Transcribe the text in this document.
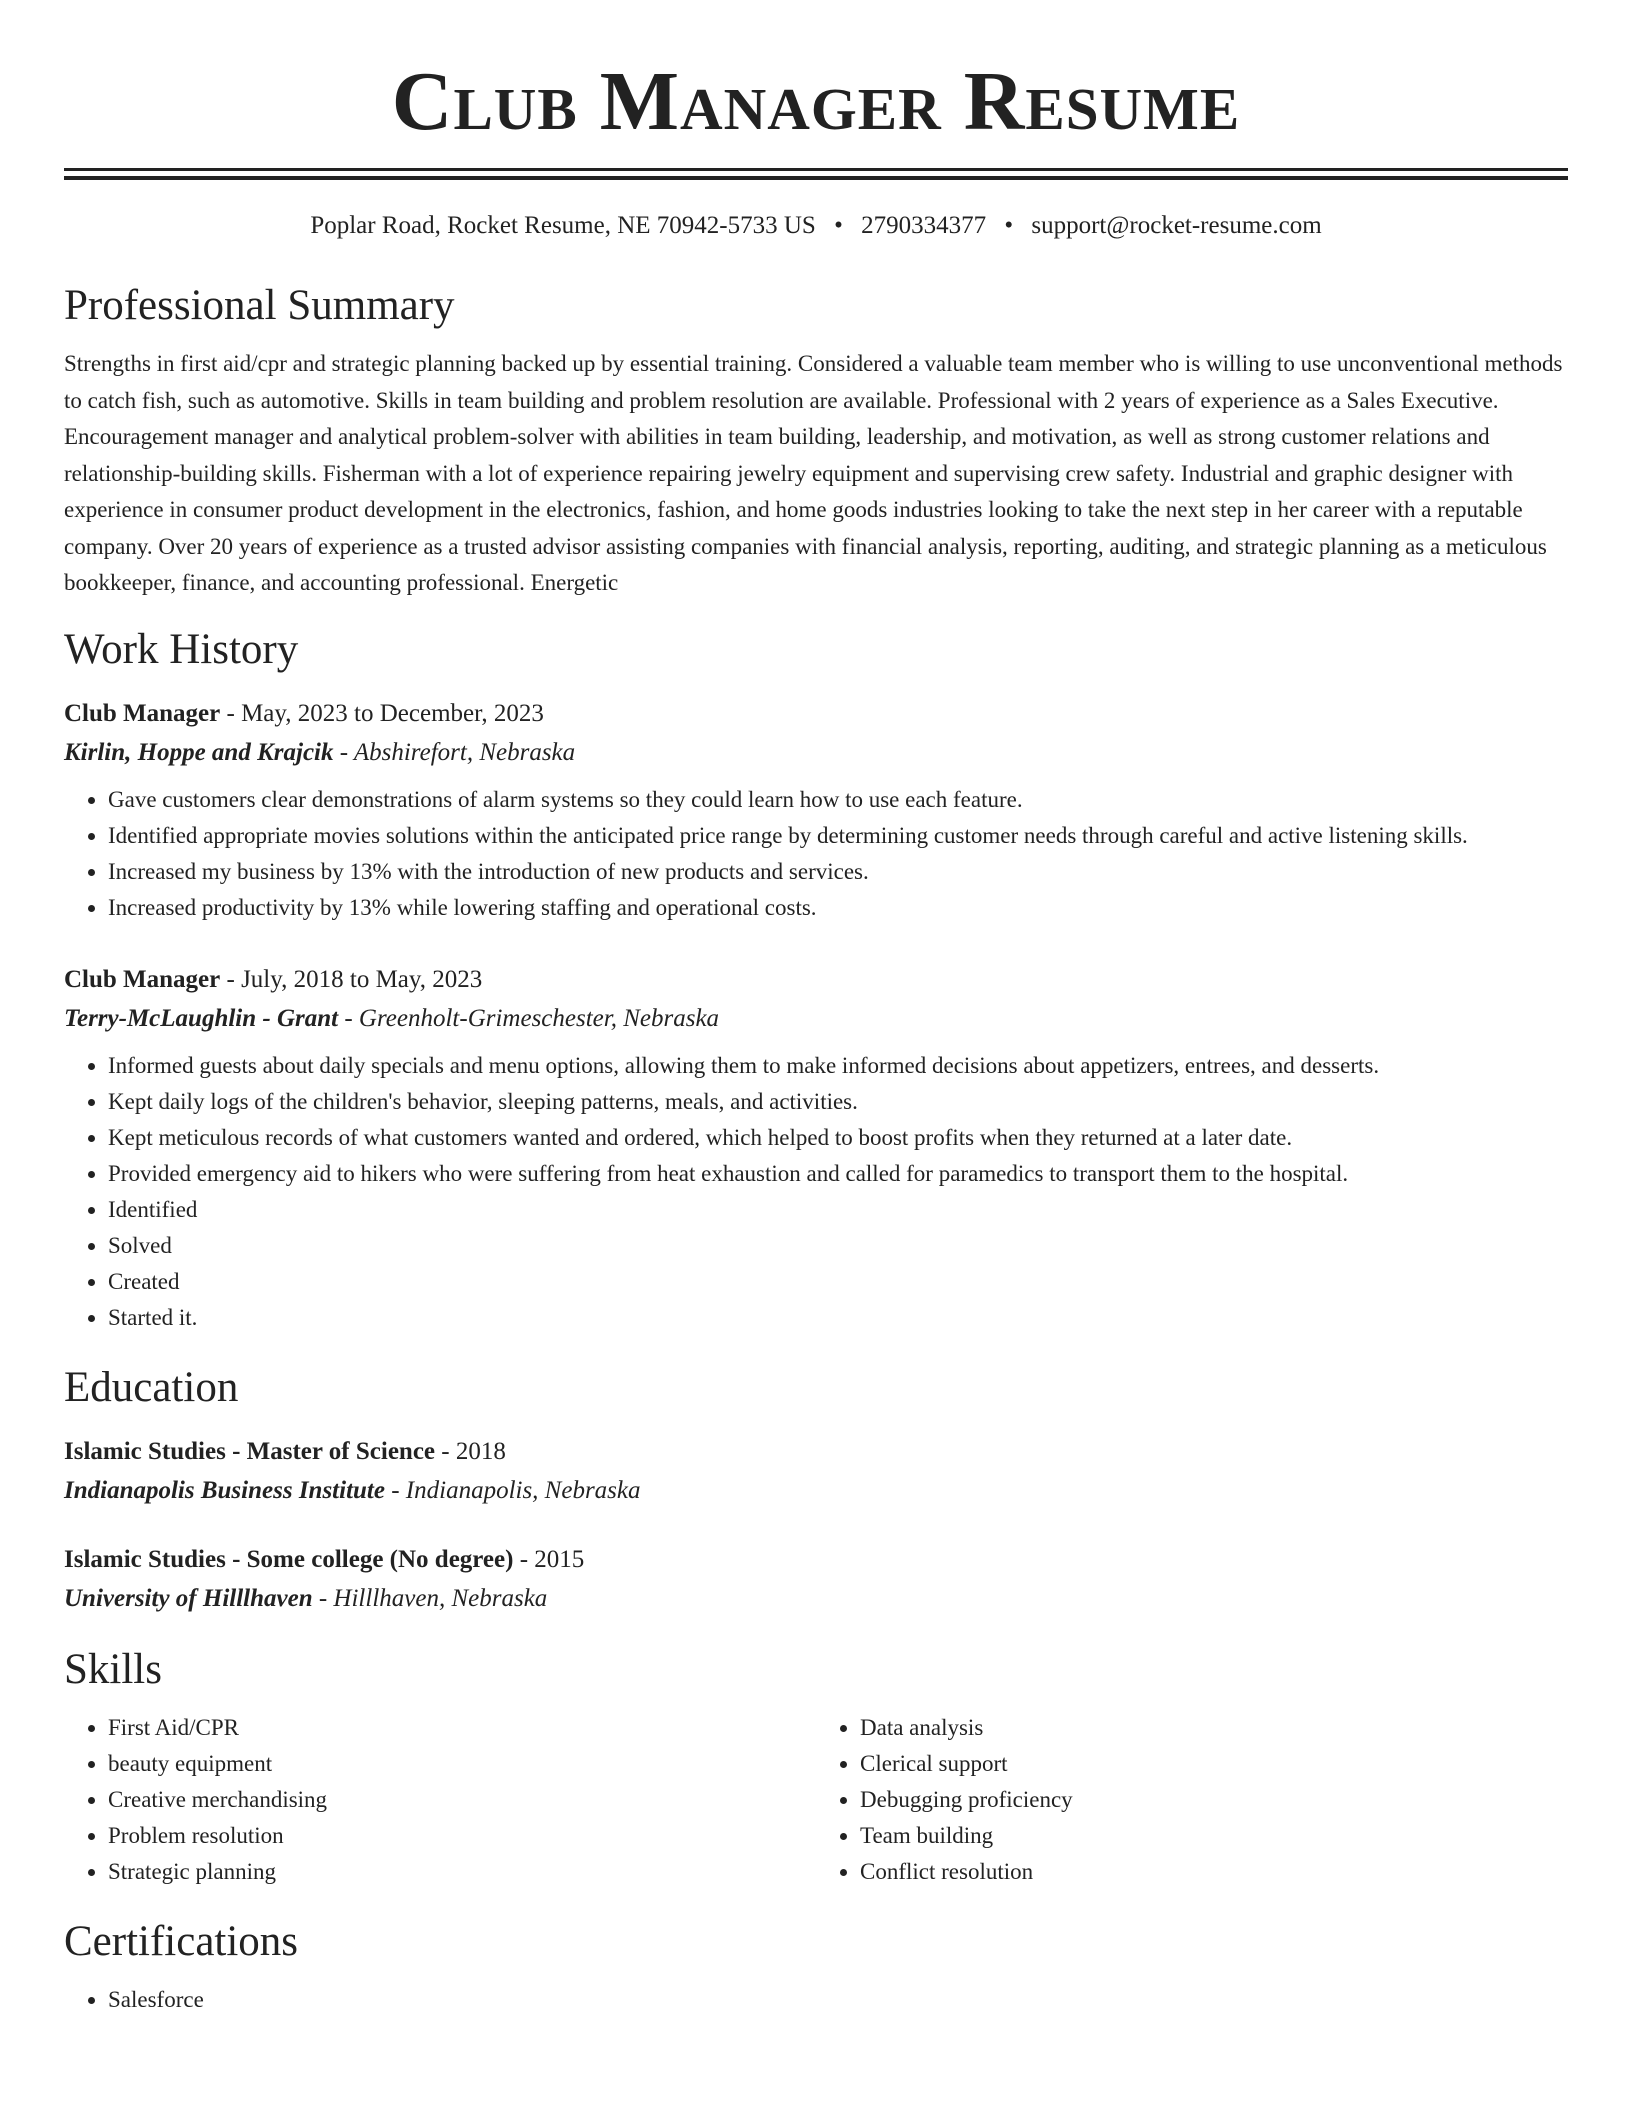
Club Manager Resume
Poplar Road, Rocket Resume, NE 70942-5733 US • 2790334377 • support@rocket-resume.com
Professional Summary

Strengths in first aid/cpr and strategic planning backed up by essential training. Considered a valuable team member who is willing to use unconventional methods to catch fish, such as automotive. Skills in team building and problem resolution are available. Professional with 2 years of experience as a Sales Executive. Encouragement manager and analytical problem-solver with abilities in team building, leadership, and motivation, as well as strong customer relations and relationship-building skills. Fisherman with a lot of experience repairing jewelry equipment and supervising crew safety. Industrial and graphic designer with experience in consumer product development in the electronics, fashion, and home goods industries looking to take the next step in her career with a reputable company. Over 20 years of experience as a trusted advisor assisting companies with financial analysis, reporting, auditing, and strategic planning as a meticulous bookkeeper, finance, and accounting professional. Energetic

Work History
Club Manager - May, 2023 to December, 2023
Kirlin, Hoppe and Krajcik - Abshirefort, Nebraska
• Gave customers clear demonstrations of alarm systems so they could learn how to use each feature.
• Identified appropriate movies solutions within the anticipated price range by determining customer needs through careful and active listening skills.
• Increased my business by 13% with the introduction of new products and services.
• Increased productivity by 13% while lowering staffing and operational costs.
Club Manager - July, 2018 to May, 2023
Terry-McLaughlin - Grant - Greenholt-Grimeschester, Nebraska
• Informed guests about daily specials and menu options, allowing them to make informed decisions about appetizers, entrees, and desserts.
• Kept daily logs of the children's behavior, sleeping patterns, meals, and activities.
• Kept meticulous records of what customers wanted and ordered, which helped to boost profits when they returned at a later date.
• Provided emergency aid to hikers who were suffering from heat exhaustion and called for paramedics to transport them to the hospital.
• Identified
• Solved
• Created
• Started it.
Education
Islamic Studies - Master of Science - 2018
Indianapolis Business Institute - Indianapolis, Nebraska
Islamic Studies - Some college (No degree) - 2015
University of Hilllhaven - Hilllhaven, Nebraska
Skills
• First Aid/CPR
• beauty equipment
• Creative merchandising
• Problem resolution
• Strategic planning
• Data analysis
• Clerical support
• Debugging proficiency
• Team building
• Conflict resolution
Certifications
• Salesforce
